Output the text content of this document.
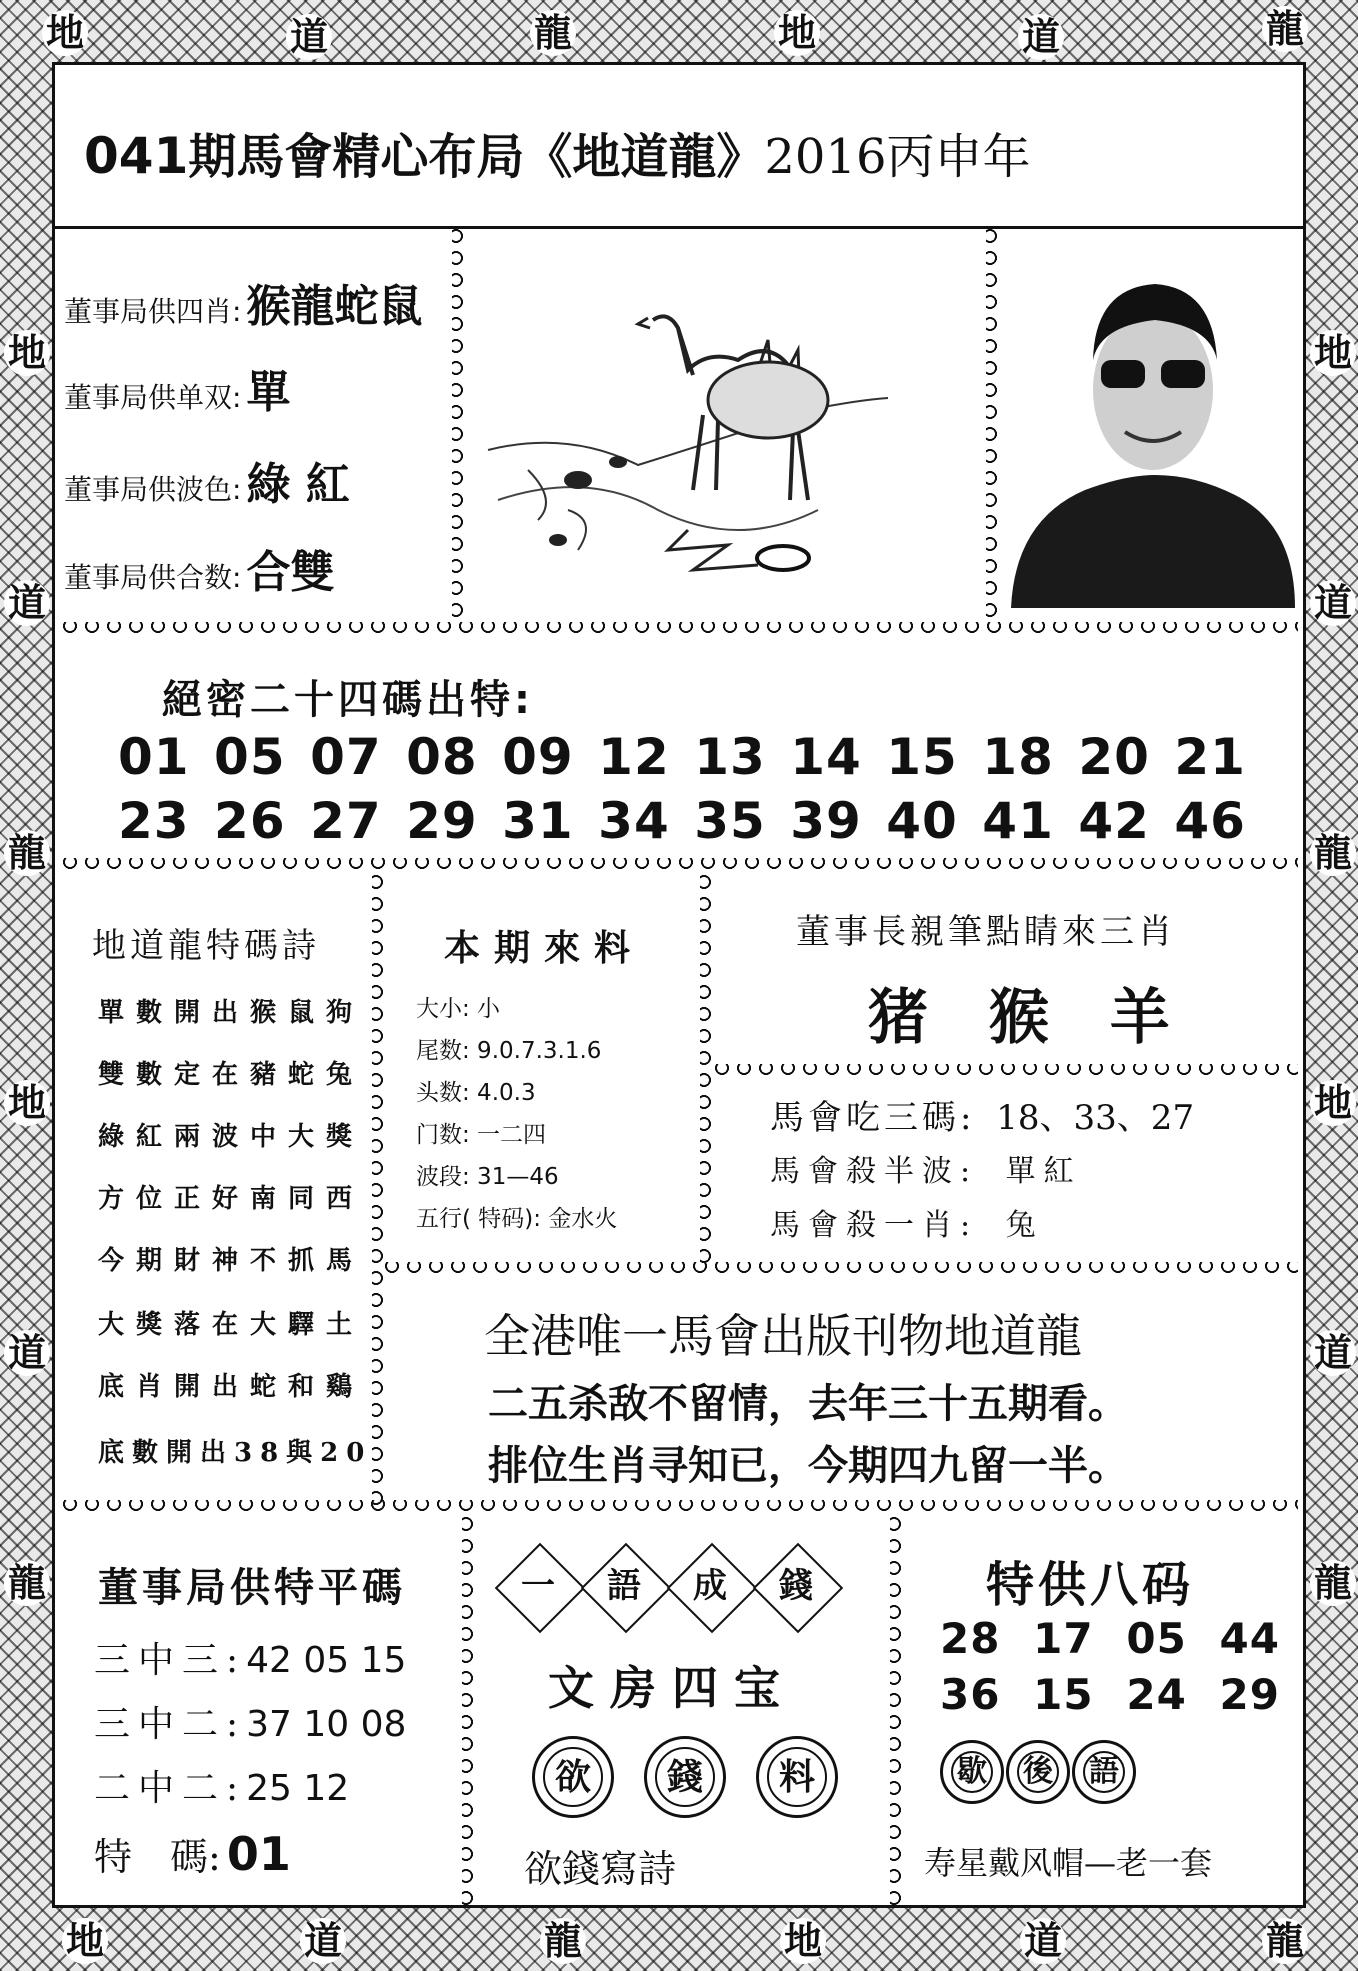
地	道	龍	地	道	龍
地
道
龍
地
道
龍
地
道
龍
地
道
龍
地	道	龍	地	道	龍
041期馬會精心布局《地道龍》2016丙申年
董事局供四肖: 猴龍蛇鼠
董事局供单双: 單
董事局供波色: 綠 紅
董事局供合数: 合雙
絕密二十四碼出特:
01 05 07 08 09 12 13 14 15 18 20 21
23 26 27 29 31 34 35 39 40 41 42 46
地道龍特碼詩
單數開出猴鼠狗
雙數定在豬蛇兔
綠紅兩波中大獎
方位正好南同西
今期財神不抓馬
大獎落在大驛土
底肖開出蛇和鷄
底數開出38與20
本期來料
大小: 小
尾数: 9.0.7.3.1.6
头数: 4.0.3
门数: 一二四
波段: 31—46
五行( 特码): 金水火
董事長親筆點睛來三肖
猪 猴 羊
馬會吃三碼: 18、33、27
馬會殺半波: 單紅
馬會殺一肖: 兔
全港唯一馬會出版刊物地道龍
二五杀敌不留情，去年三十五期看。
排位生肖寻知已，今期四九留一半。
董事局供特平碼
三中三:42 05 15
三中二:37 10 08
二中二:25 12
特　碼: 01
一	語	成	錢
文房四宝
欲	錢	料
欲錢寫詩
特供八码
28 17 05 44
36 15 24 29
歇	後	語
寿星戴风帽—老一套
